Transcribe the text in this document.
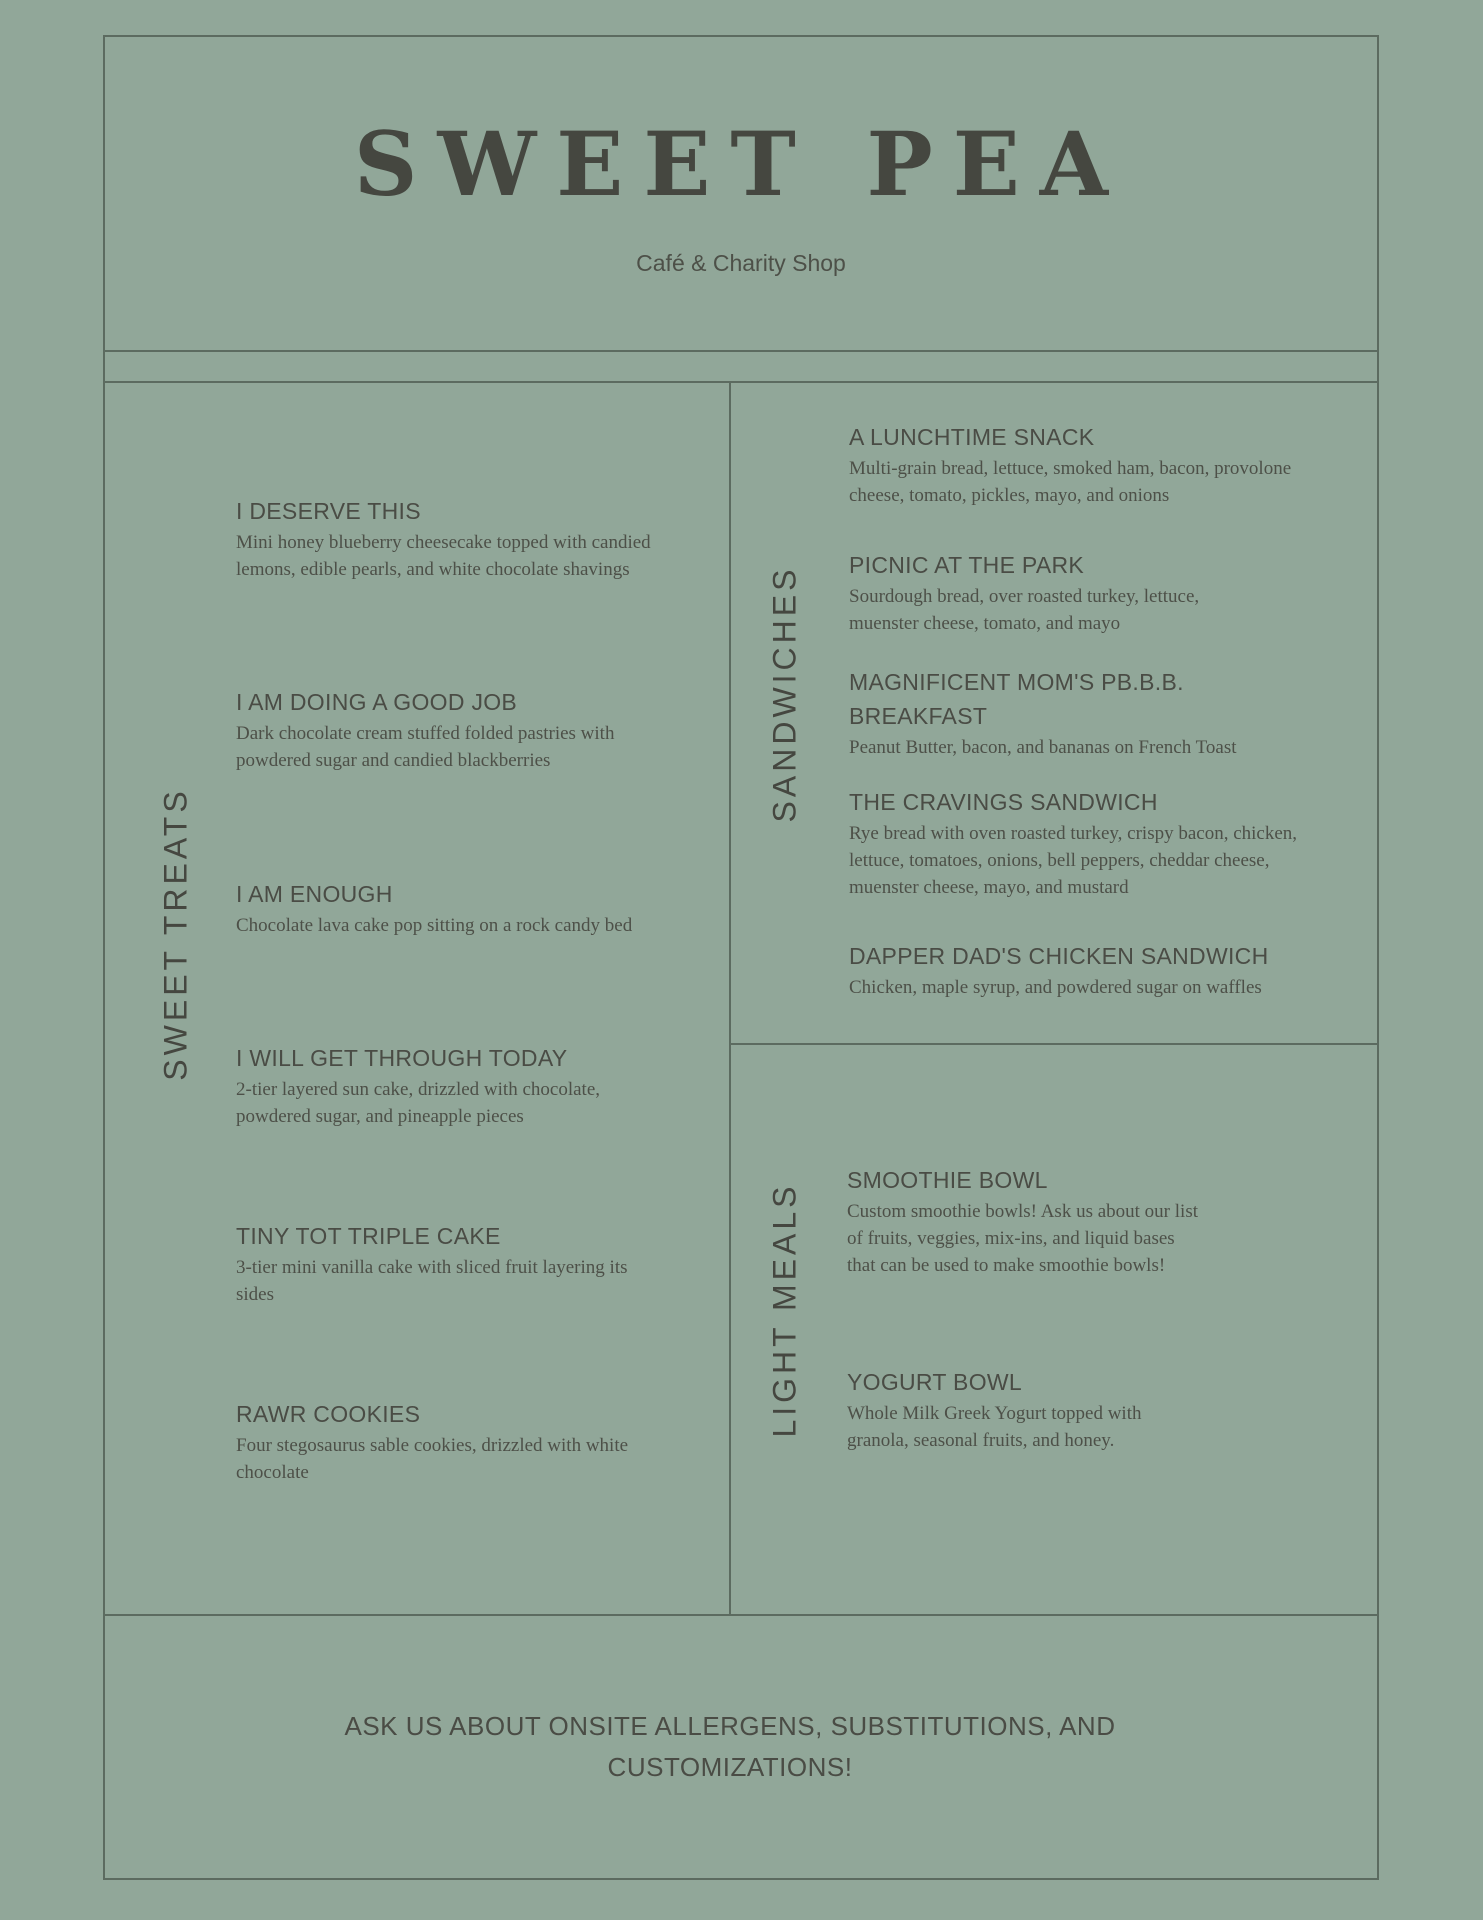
SWEET PEA
Café & Charity Shop
SWEET TREATS
SANDWICHES
LIGHT MEALS
I DESERVE THIS
Mini honey blueberry cheesecake topped with candied lemons, edible pearls, and white chocolate shavings
I AM DOING A GOOD JOB
Dark chocolate cream stuffed folded pastries with powdered sugar and candied blackberries
I AM ENOUGH
Chocolate lava cake pop sitting on a rock candy bed
I WILL GET THROUGH TODAY
2-tier layered sun cake, drizzled with chocolate, powdered sugar, and pineapple pieces
TINY TOT TRIPLE CAKE
3-tier mini vanilla cake with sliced fruit layering its sides
RAWR COOKIES
Four stegosaurus sable cookies, drizzled with white chocolate
A LUNCHTIME SNACK
Multi-grain bread, lettuce, smoked ham, bacon, provolone cheese, tomato, pickles, mayo, and onions
PICNIC AT THE PARK
Sourdough bread, over roasted turkey, lettuce, muenster cheese, tomato, and mayo
MAGNIFICENT MOM'S PB.B.B. BREAKFAST
Peanut Butter, bacon, and bananas on French Toast
THE CRAVINGS SANDWICH
Rye bread with oven roasted turkey, crispy bacon, chicken, lettuce, tomatoes, onions, bell peppers, cheddar cheese, muenster cheese, mayo, and mustard
DAPPER DAD'S CHICKEN SANDWICH
Chicken, maple syrup, and powdered sugar on waffles
SMOOTHIE BOWL
Custom smoothie bowls! Ask us about our list of fruits, veggies, mix-ins, and liquid bases that can be used to make smoothie bowls!
YOGURT BOWL
Whole Milk Greek Yogurt topped with granola, seasonal fruits, and honey.
ASK US ABOUT ONSITE ALLERGENS, SUBSTITUTIONS, AND CUSTOMIZATIONS!
